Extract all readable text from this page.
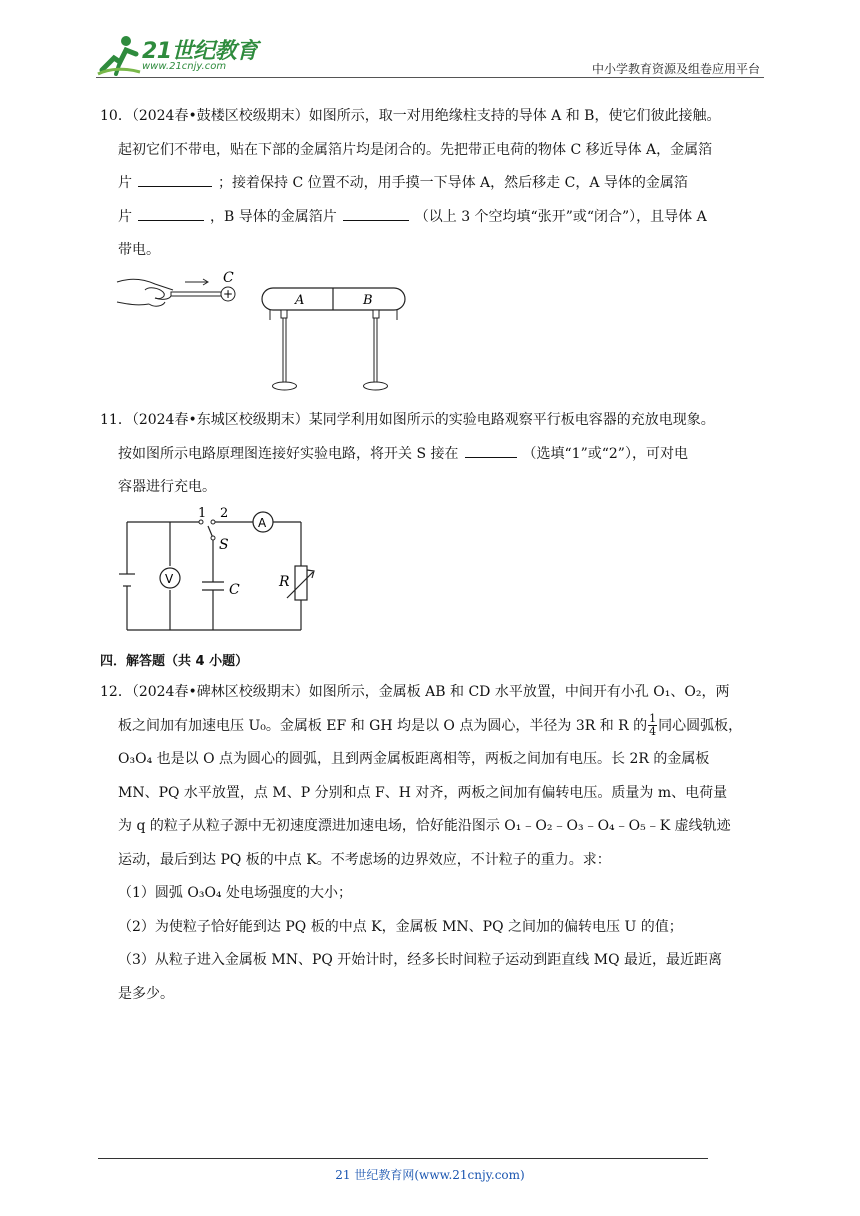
21世纪教育
www.21cnjy.com	中小学教育资源及组卷应用平台

10．（2024春•鼓楼区校级期末）如图所示，取一对用绝缘柱支持的导体 A 和 B，使它们彼此接触。

起初它们不带电，贴在下部的金属箔片均是闭合的。先把带正电荷的物体 C 移近导体 A，金属箔

片	；接着保持 C 位置不动，用手摸一下导体 A，然后移走 C，A 导体的金属箔

片	，B 导体的金属箔片	（以上 3 个空均填“张开”或“闭合”），且导体 A

带电。

+
C
A	B

11．（2024春•东城区校级期末）某同学利用如图所示的实验电路观察平行板电容器的充放电现象。

按如图所示电路原理图连接好实验电路，将开关 S 接在	（选填“1”或“2”），可对电

容器进行充电。

1 2
A
S
V
C	R
四．解答题（共 4 小题）

12．（2024春•碑林区校级期末）如图所示，金属板 AB 和 CD 水平放置，中间开有小孔 O₁、O₂，两

板之间加有加速电压 U₀。金属板 EF 和 GH 均是以 O 点为圆心，半径为 3R 和 R 的 $\frac{1}{4}$ 同心圆弧板，

O₃O₄ 也是以 O 点为圆心的圆弧，且到两金属板距离相等，两板之间加有电压。长 2R 的金属板

MN、PQ 水平放置，点 M、P 分别和点 F、H 对齐，两板之间加有偏转电压。质量为 m、电荷量

为 q 的粒子从粒子源中无初速度漂进加速电场，恰好能沿图示 O₁﹣O₂﹣O₃﹣O₄﹣O₅﹣K 虚线轨迹

运动，最后到达 PQ 板的中点 K。不考虑场的边界效应，不计粒子的重力。求：

（1）圆弧 O₃O₄ 处电场强度的大小；

（2）为使粒子恰好能到达 PQ 板的中点 K，金属板 MN、PQ 之间加的偏转电压 U 的值；

（3）从粒子进入金属板 MN、PQ 开始计时，经多长时间粒子运动到距直线 MQ 最近，最近距离

是多少。

21 世纪教育网(www.21cnjy.com)
